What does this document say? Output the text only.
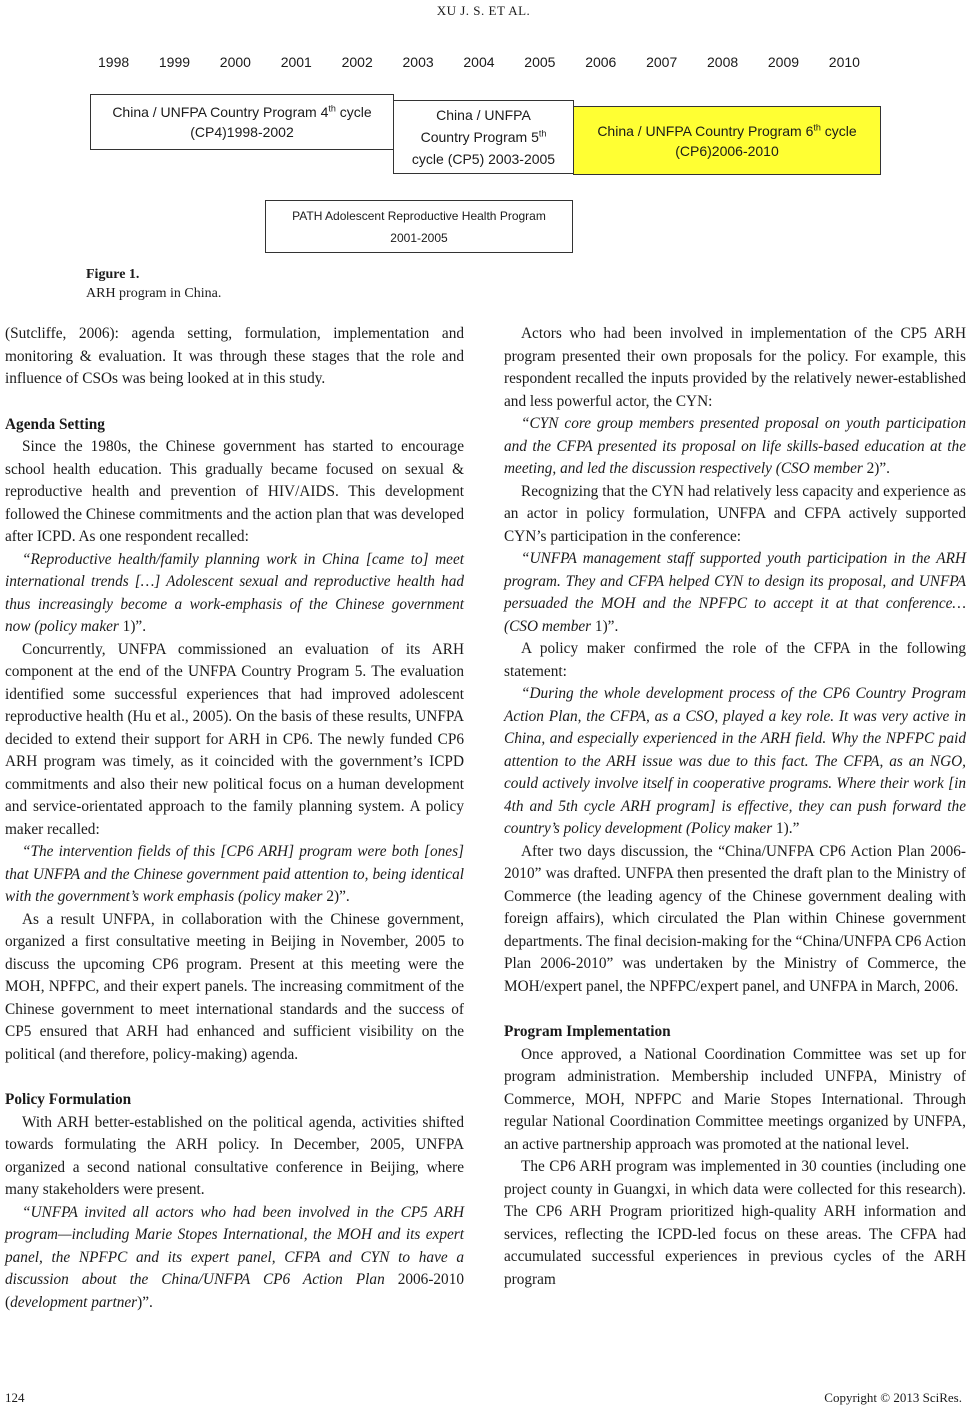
XU J. S. ET AL.
1998 1999 2000 2001 2002 2003 2004 2005 2006 2007 2008 2009 2010
China / UNFPA Country Program 4th cycle
(CP4)1998-2002
China / UNFPA
Country Program 5th
cycle (CP5) 2003-2005
China / UNFPA Country Program 6th cycle
(CP6)2006-2010
PATH Adolescent Reproductive Health Program
2001-2005
Figure 1.
ARH program in China.

(Sutcliffe, 2006): agenda setting, formulation, implementation and monitoring & evaluation. It was through these stages that the role and influence of CSOs was being looked at in this study.

Agenda Setting

Since the 1980s, the Chinese government has started to encourage school health education. This gradually became focused on sexual & reproductive health and prevention of HIV/AIDS. This development followed the Chinese commitments and the action plan that was developed after ICPD. As one respondent recalled:

“Reproductive health/family planning work in China [came to] meet international trends […] Adolescent sexual and reproductive health had thus increasingly become a work-emphasis of the Chinese government now (policy maker 1)”.

Concurrently, UNFPA commissioned an evaluation of its ARH component at the end of the UNFPA Country Program 5. The evaluation identified some successful experiences that had improved adolescent reproductive health (Hu et al., 2005). On the basis of these results, UNFPA decided to extend their support for ARH in CP6. The newly funded CP6 ARH program was timely, as it coincided with the government’s ICPD commitments and also their new political focus on a human development and service-orientated approach to the family planning system. A policy maker recalled:

“The intervention fields of this [CP6 ARH] program were both [ones] that UNFPA and the Chinese government paid attention to, being identical with the government’s work emphasis (policy maker 2)”.

As a result UNFPA, in collaboration with the Chinese government, organized a first consultative meeting in Beijing in November, 2005 to discuss the upcoming CP6 program. Present at this meeting were the MOH, NPFPC, and their expert panels. The increasing commitment of the Chinese government to meet international standards and the success of CP5 ensured that ARH had enhanced and sufficient visibility on the political (and therefore, policy-making) agenda.

Policy Formulation

With ARH better-established on the political agenda, activities shifted towards formulating the ARH policy. In December, 2005, UNFPA organized a second national consultative conference in Beijing, where many stakeholders were present.

“UNFPA invited all actors who had been involved in the CP5 ARH program—including Marie Stopes International, the MOH and its expert panel, the NPFPC and its expert panel, CFPA and CYN to have a discussion about the China/UNFPA CP6 Action Plan 2006-2010 (development partner)”.

Actors who had been involved in implementation of the CP5 ARH program presented their own proposals for the policy. For example, this respondent recalled the inputs provided by the relatively newer-established and less powerful actor, the CYN:

“CYN core group members presented proposal on youth participation and the CFPA presented its proposal on life skills-based education at the meeting, and led the discussion respectively (CSO member 2)”.

Recognizing that the CYN had relatively less capacity and experience as an actor in policy formulation, UNFPA and CFPA actively supported CYN’s participation in the conference:

“UNFPA management staff supported youth participation in the ARH program. They and CFPA helped CYN to design its proposal, and UNFPA persuaded the MOH and the NPFPC to accept it at that conference… (CSO member 1)”.

A policy maker confirmed the role of the CFPA in the following statement:

“During the whole development process of the CP6 Country Program Action Plan, the CFPA, as a CSO, played a key role. It was very active in China, and especially experienced in the ARH field. Why the NPFPC paid attention to the ARH issue was due to this fact. The CFPA, as an NGO, could actively involve itself in cooperative programs. Where their work [in 4th and 5th cycle ARH program] is effective, they can push forward the country’s policy development (Policy maker 1).”

After two days discussion, the “China/UNFPA CP6 Action Plan 2006-2010” was drafted. UNFPA then presented the draft plan to the Ministry of Commerce (the leading agency of the Chinese government dealing with foreign affairs), which circulated the Plan within Chinese government departments. The final decision-making for the “China/UNFPA CP6 Action Plan 2006-2010” was undertaken by the Ministry of Commerce, the MOH/expert panel, the NPFPC/expert panel, and UNFPA in March, 2006.

Program Implementation

Once approved, a National Coordination Committee was set up for program administration. Membership included UNFPA, Ministry of Commerce, MOH, NPFPC and Marie Stopes International. Through regular National Coordination Committee meetings organized by UNFPA, an active partnership approach was promoted at the national level.

The CP6 ARH program was implemented in 30 counties (including one project county in Guangxi, in which data were collected for this research). The CP6 ARH Program prioritized high-quality ARH information and services, reflecting the ICPD-led focus on these areas. The CFPA had accumulated successful experiences in previous cycles of the ARH program

124	Copyright © 2013 SciRes.
